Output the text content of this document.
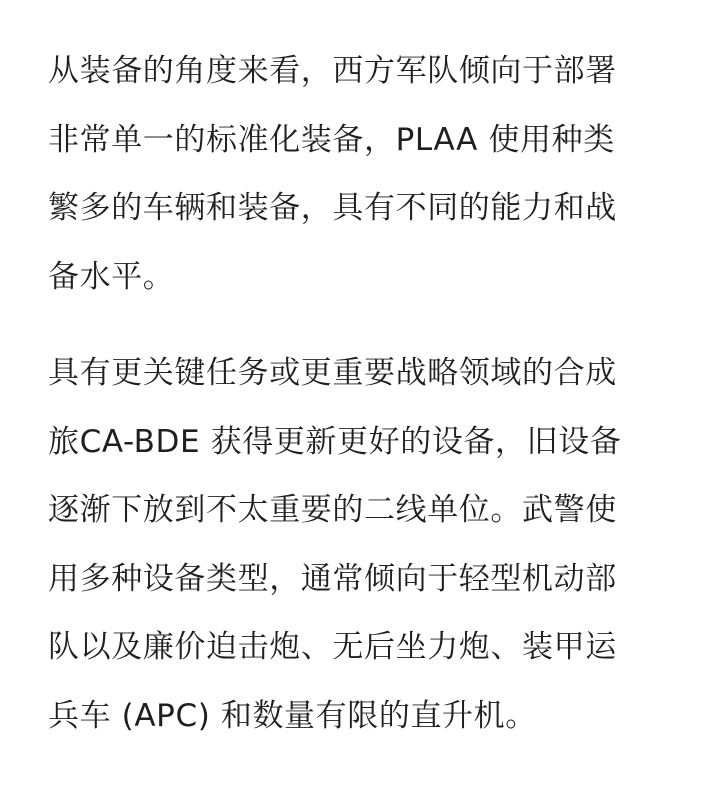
从装备的角度来看，西方军队倾向于部署
非常单一的标准化装备，PLAA 使用种类
繁多的车辆和装备，具有不同的能力和战
备水平。

具有更关键任务或更重要战略领域的合成
旅CA-BDE 获得更新更好的设备，旧设备
逐渐下放到不太重要的二线单位。武警使
用多种设备类型，通常倾向于轻型机动部
队以及廉价迫击炮、无后坐力炮、装甲运
兵车 (APC) 和数量有限的直升机。
